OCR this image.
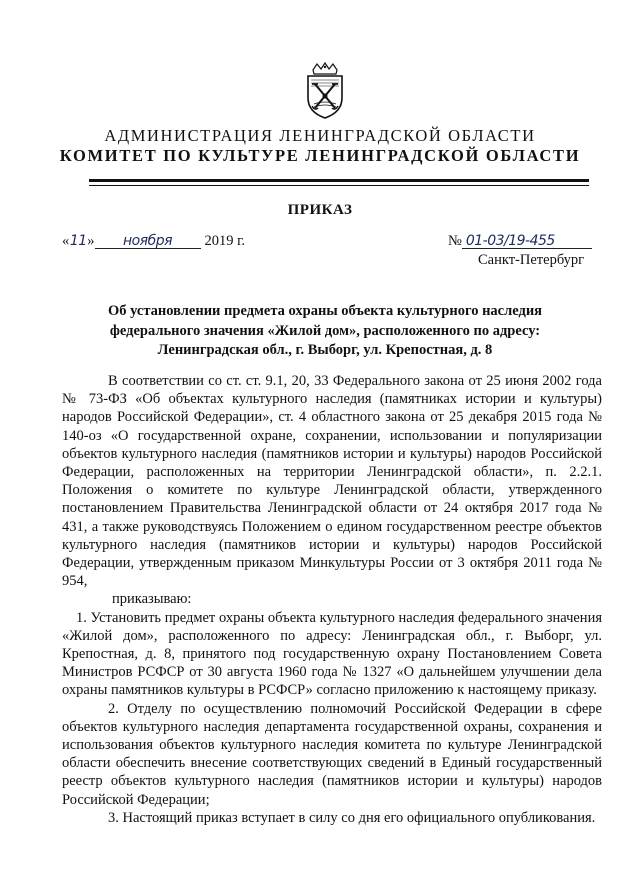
АДМИНИСТРАЦИЯ ЛЕНИНГРАДСКОЙ ОБЛАСТИ
КОМИТЕТ ПО КУЛЬТУРЕ ЛЕНИНГРАДСКОЙ ОБЛАСТИ
ПРИКАЗ
«11» ноября 2019 г.	№ 01-03/19-455
Санкт-Петербург
Об установлении предмета охраны объекта культурного наследия
федерального значения «Жилой дом», расположенного по адресу:
Ленинградская обл., г. Выборг, ул. Крепостная, д. 8

В соответствии со ст. ст. 9.1, 20, 33 Федерального закона от 25 июня 2002 года № 73-ФЗ «Об объектах культурного наследия (памятниках истории и культуры) народов Российской Федерации», ст. 4 областного закона от 25 декабря 2015 года № 140-оз «О государственной охране, сохранении, использовании и популяризации объектов культурного наследия (памятников истории и культуры) народов Российской Федерации, расположенных на территории Ленинградской области», п. 2.2.1. Положения о комитете по культуре Ленинградской области, утвержденного постановлением Правительства Ленинградской области от 24 октября 2017 года № 431, а также руководствуясь Положением о едином государственном реестре объектов культурного наследия (памятников истории и культуры) народов Российской Федерации, утвержденным приказом Минкультуры России от 3 октября 2011 года № 954,

приказываю:

1. Установить предмет охраны объекта культурного наследия федерального значения «Жилой дом», расположенного по адресу: Ленинградская обл., г. Выборг, ул. Крепостная, д. 8, принятого под государственную охрану Постановлением Совета Министров РСФСР от 30 августа 1960 года № 1327 «О дальнейшем улучшении дела охраны памятников культуры в РСФСР» согласно приложению к настоящему приказу.

2. Отделу по осуществлению полномочий Российской Федерации в сфере объектов культурного наследия департамента государственной охраны, сохранения и использования объектов культурного наследия комитета по культуре Ленинградской области обеспечить внесение соответствующих сведений в Единый государственный реестр объектов культурного наследия (памятников истории и культуры) народов Российской Федерации;

3. Настоящий приказ вступает в силу со дня его официального опубликования.
